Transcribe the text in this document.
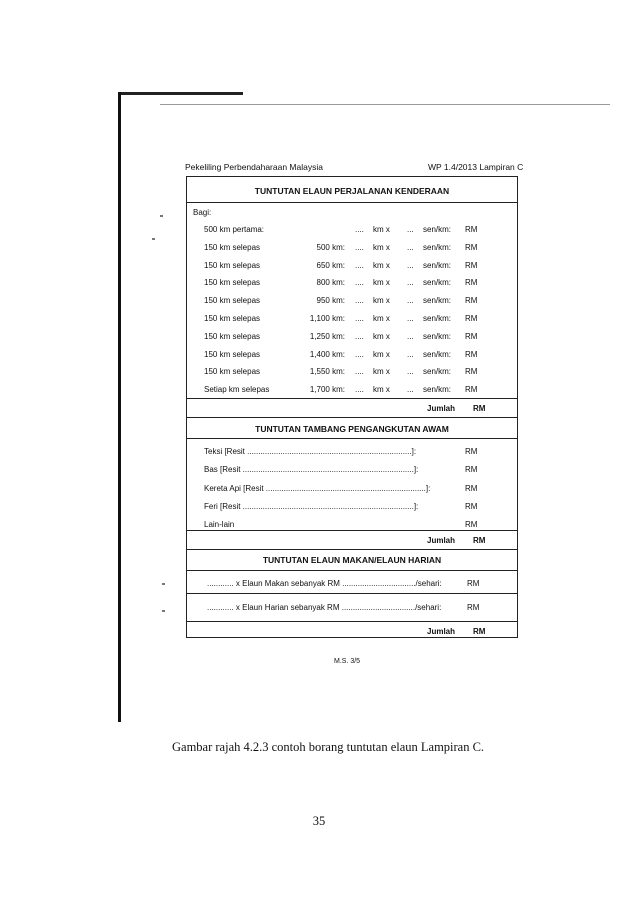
Pekeliling Perbendaharaan Malaysia	WP 1.4/2013 Lampiran C
TUNTUTAN ELAUN PERJALANAN KENDERAAN
Bagi:
500 km pertama:	.... km x ... sen/km: RM
150 km selepas	500 km: .... km x ... sen/km: RM
150 km selepas	650 km: .... km x ... sen/km: RM
150 km selepas	800 km: .... km x ... sen/km: RM
150 km selepas	950 km: .... km x ... sen/km: RM
150 km selepas	1,100 km: .... km x ... sen/km: RM
150 km selepas	1,250 km: .... km x ... sen/km: RM
150 km selepas	1,400 km: .... km x ... sen/km: RM
150 km selepas	1,550 km: .... km x ... sen/km: RM
Setiap km selepas	1,700 km: .... km x ... sen/km: RM
Jumlah RM
TUNTUTAN TAMBANG PENGANGKUTAN AWAM
Teksi [Resit ..........................................................................]:	RM
Bas [Resit .............................................................................]:	RM
Kereta Api [Resit ........................................................................]:	RM
Feri [Resit .............................................................................]:	RM
Lain-lain	RM
Jumlah RM
TUNTUTAN ELAUN MAKAN/ELAUN HARIAN
............ x Elaun Makan sebanyak RM ................................./sehari:	RM
............ x Elaun Harian sebanyak RM ................................./sehari:	RM
Jumlah RM
M.S. 3/5
Gambar rajah 4.2.3 contoh borang tuntutan elaun Lampiran C.
35
